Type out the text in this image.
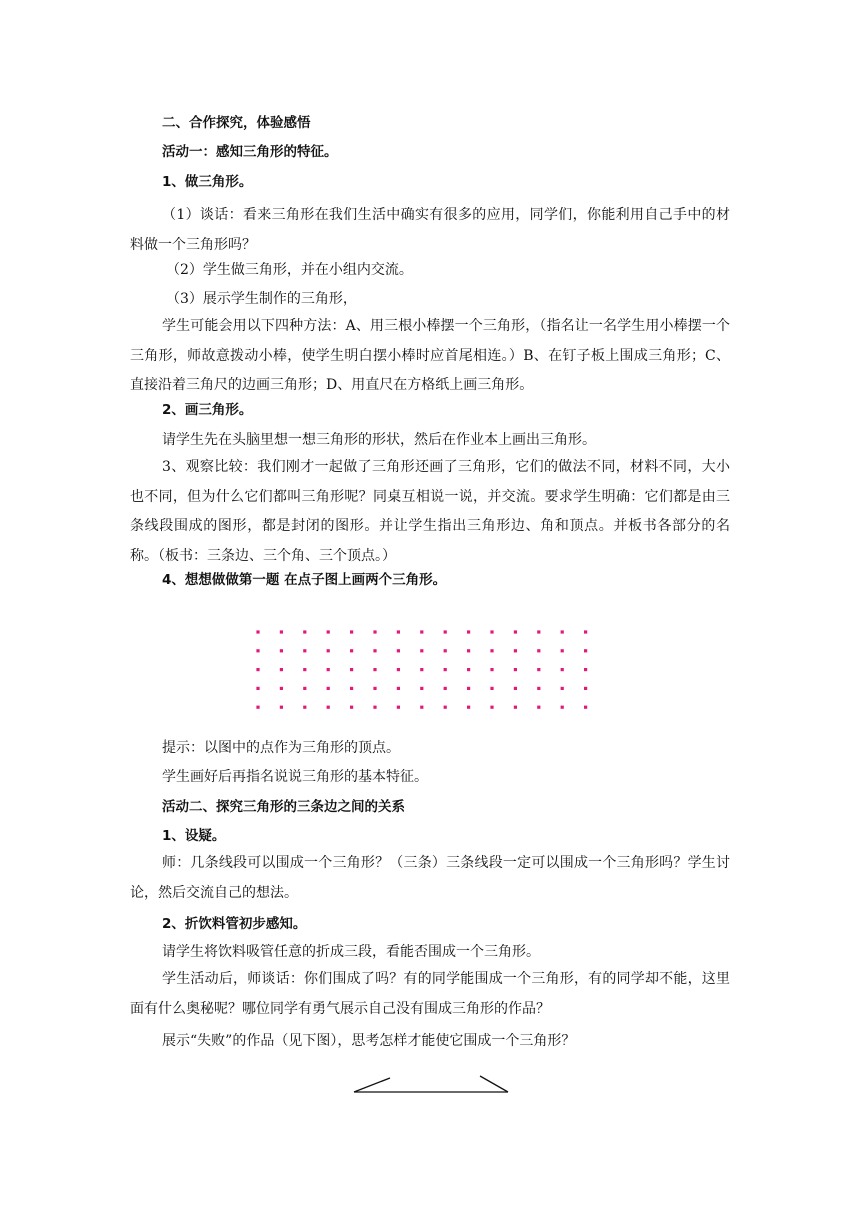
二、合作探究，体验感悟
活动一：感知三角形的特征。
1、做三角形。
（1）谈话：看来三角形在我们生活中确实有很多的应用，同学们，你能利用自己手中的材料做一个三角形吗？
（2）学生做三角形，并在小组内交流。
（3）展示学生制作的三角形，
学生可能会用以下四种方法：A、用三根小棒摆一个三角形，（指名让一名学生用小棒摆一个三角形，师故意拨动小棒，使学生明白摆小棒时应首尾相连。）B、在钉子板上围成三角形；C、直接沿着三角尺的边画三角形；D、用直尺在方格纸上画三角形。
2、画三角形。
请学生先在头脑里想一想三角形的形状，然后在作业本上画出三角形。
3、观察比较：我们刚才一起做了三角形还画了三角形，它们的做法不同，材料不同，大小也不同，但为什么它们都叫三角形呢？同桌互相说一说，并交流。要求学生明确：它们都是由三条线段围成的图形，都是封闭的图形。并让学生指出三角形边、角和顶点。并板书各部分的名称。（板书：三条边、三个角、三个顶点。）
4、想想做做第一题 在点子图上画两个三角形。
提示：以图中的点作为三角形的顶点。
学生画好后再指名说说三角形的基本特征。
活动二、探究三角形的三条边之间的关系
1、设疑。
师：几条线段可以围成一个三角形？（三条）三条线段一定可以围成一个三角形吗？学生讨论，然后交流自己的想法。
2、折饮料管初步感知。
请学生将饮料吸管任意的折成三段，看能否围成一个三角形。
学生活动后，师谈话：你们围成了吗？有的同学能围成一个三角形，有的同学却不能，这里面有什么奥秘呢？哪位同学有勇气展示自己没有围成三角形的作品？
展示“失败”的作品（见下图），思考怎样才能使它围成一个三角形？
